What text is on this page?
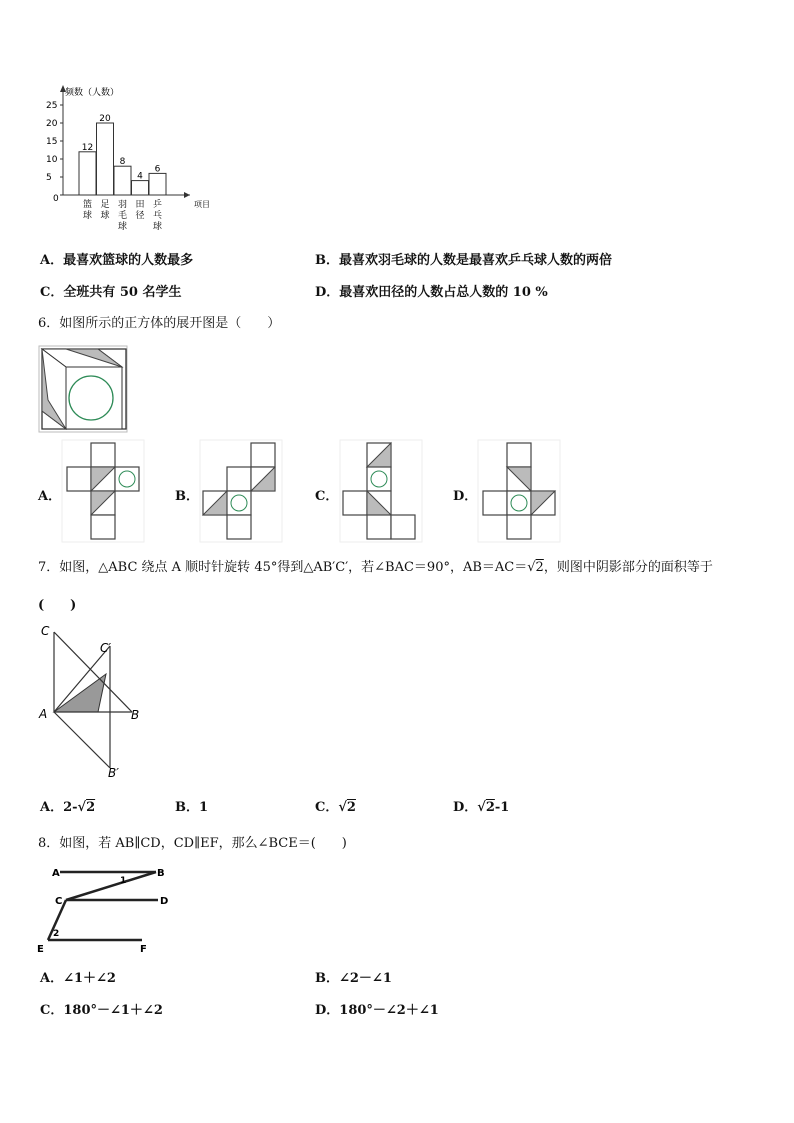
频数（人数）
项目
0
5
10
15
20
25
12
篮
球
20
足
球
8
羽
毛
球
4
田
径
6
乒
乓
球
A．最喜欢篮球的人数最多	B．最喜欢羽毛球的人数是最喜欢乒乓球人数的两倍
C．全班共有 50 名学生	D．最喜欢田径的人数占总人数的 10 %
6．如图所示的正方体的展开图是（　　）
A．	B．	C．	D．
7．如图，△ABC 绕点 A 顺时针旋转 45°得到△AB′C′，若∠BAC＝90°，AB＝AC＝√2，则图中阴影部分的面积等于
(　　)
C
C′
A	B
B′
A．2-√2	B．1	C．√2	D．√2-1
8．如图，若 AB∥CD，CD∥EF，那么∠BCE＝(　　)
A	B
1
C	D
2
E	F
A．∠1＋∠2	B．∠2－∠1
C．180°－∠1＋∠2	D．180°－∠2＋∠1
